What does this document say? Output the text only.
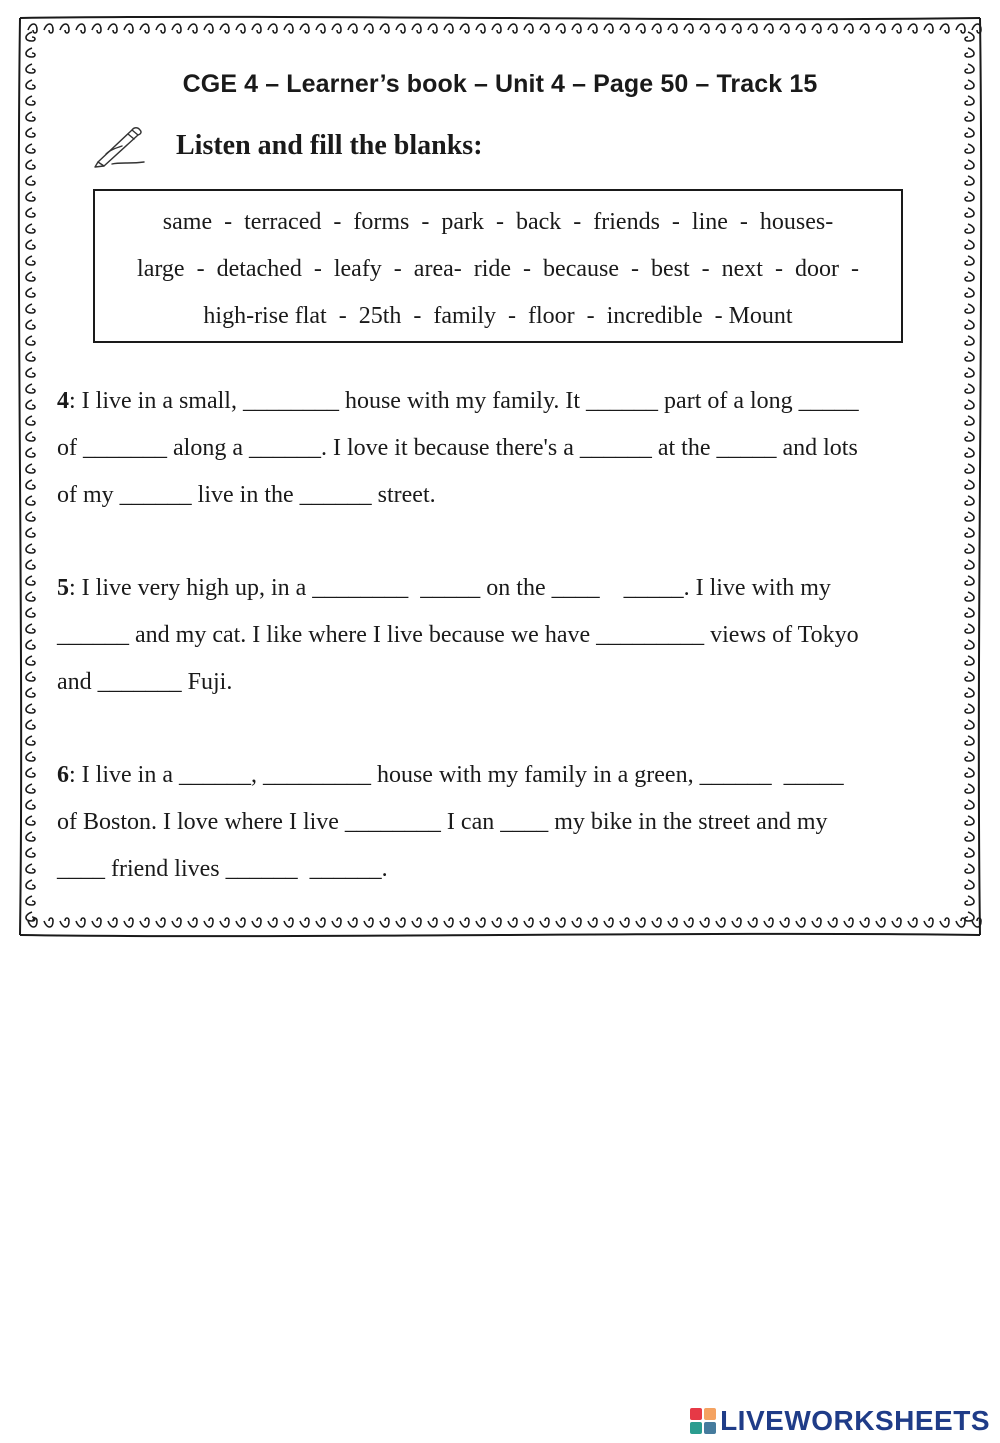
CGE 4 – Learner’s book – Unit 4 – Page 50 – Track 15
Listen and fill the blanks:
same  -  terraced  -  forms  -  park  -  back  -  friends  -  line  -  houses-
large  -  detached  -  leafy  -  area-  ride  -  because  -  best  -  next  -  door  -
high-rise flat  -  25th  -  family  -  floor  -  incredible  - Mount
4: I live in a small, ________ house with my family. It ______ part of a long _____
of _______ along a ______. I love it because there's a ______ at the _____ and lots
of my ______ live in the ______ street.
5: I live very high up, in a ________  _____ on the ____    _____. I live with my
______ and my cat. I like where I live because we have _________ views of Tokyo
and _______ Fuji.
6: I live in a ______, _________ house with my family in a green, ______  _____
of Boston. I love where I live ________ I can ____ my bike in the street and my
____ friend lives ______  ______.
LIVEWORKSHEETS
